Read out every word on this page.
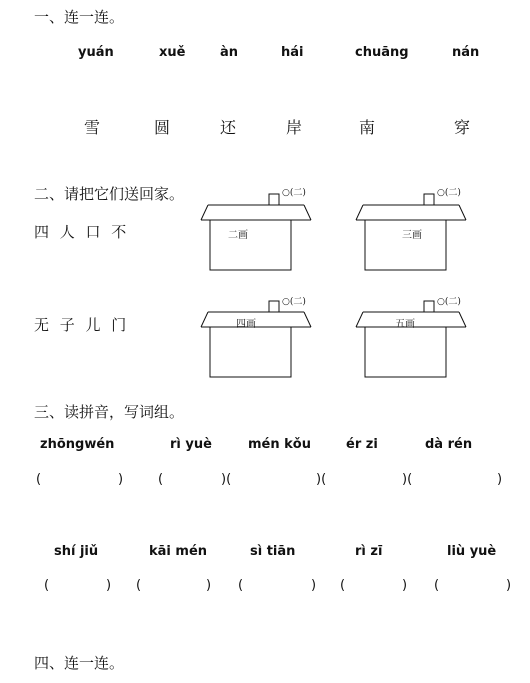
一、连一连。
yuán	xuě	àn	hái	chuāng	nán
雪	圆	还	岸	南	穿
二、请把它们送回家。
四 人 口 不
无 子 儿 门
二画
○(二)
三画
○(二)
四画
○(二)
五画
○(二)
三、读拼音，写词组。
zhōngwén	rì yuè	mén kǒu	ér zi	dà rén
(	)	(	)(	)(	)(	)
shí jiǔ	kāi mén	sì tiān	rì zī	liù yuè
(	) (	) (	) (	) (	)
四、连一连。
